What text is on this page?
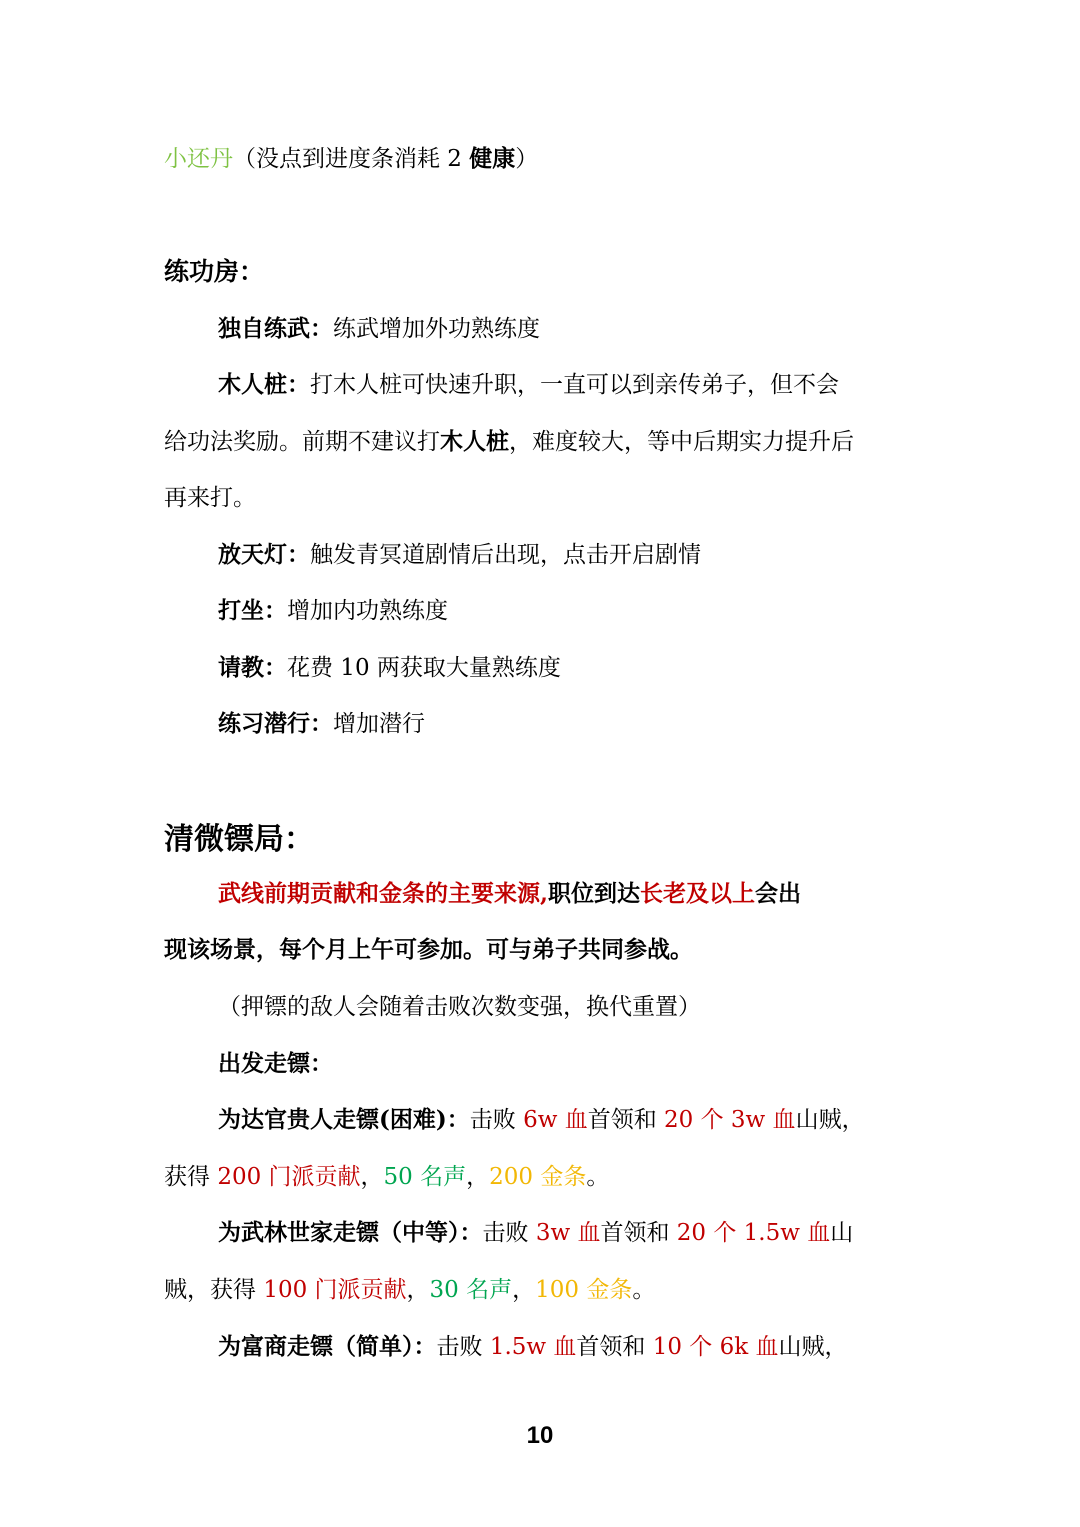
小还丹（没点到进度条消耗 2 健康）
练功房：
独自练武：练武增加外功熟练度
木人桩：打木人桩可快速升职，一直可以到亲传弟子，但不会
给功法奖励。前期不建议打木人桩，难度较大，等中后期实力提升后
再来打。
放天灯：触发青冥道剧情后出现，点击开启剧情
打坐：增加内功熟练度
请教：花费 10 两获取大量熟练度
练习潜行：增加潜行
清微镖局：
武线前期贡献和金条的主要来源,职位到达长老及以上会出
现该场景，每个月上午可参加。可与弟子共同参战。
（押镖的敌人会随着击败次数变强，换代重置）
出发走镖：
为达官贵人走镖(困难)：击败 6w 血首领和 20 个 3w 血山贼，
获得 200 门派贡献，50 名声，200 金条。
为武林世家走镖（中等）：击败 3w 血首领和 20 个 1.5w 血山
贼，获得 100 门派贡献，30 名声，100 金条。
为富商走镖（简单）：击败 1.5w 血首领和 10 个 6k 血山贼，
10
